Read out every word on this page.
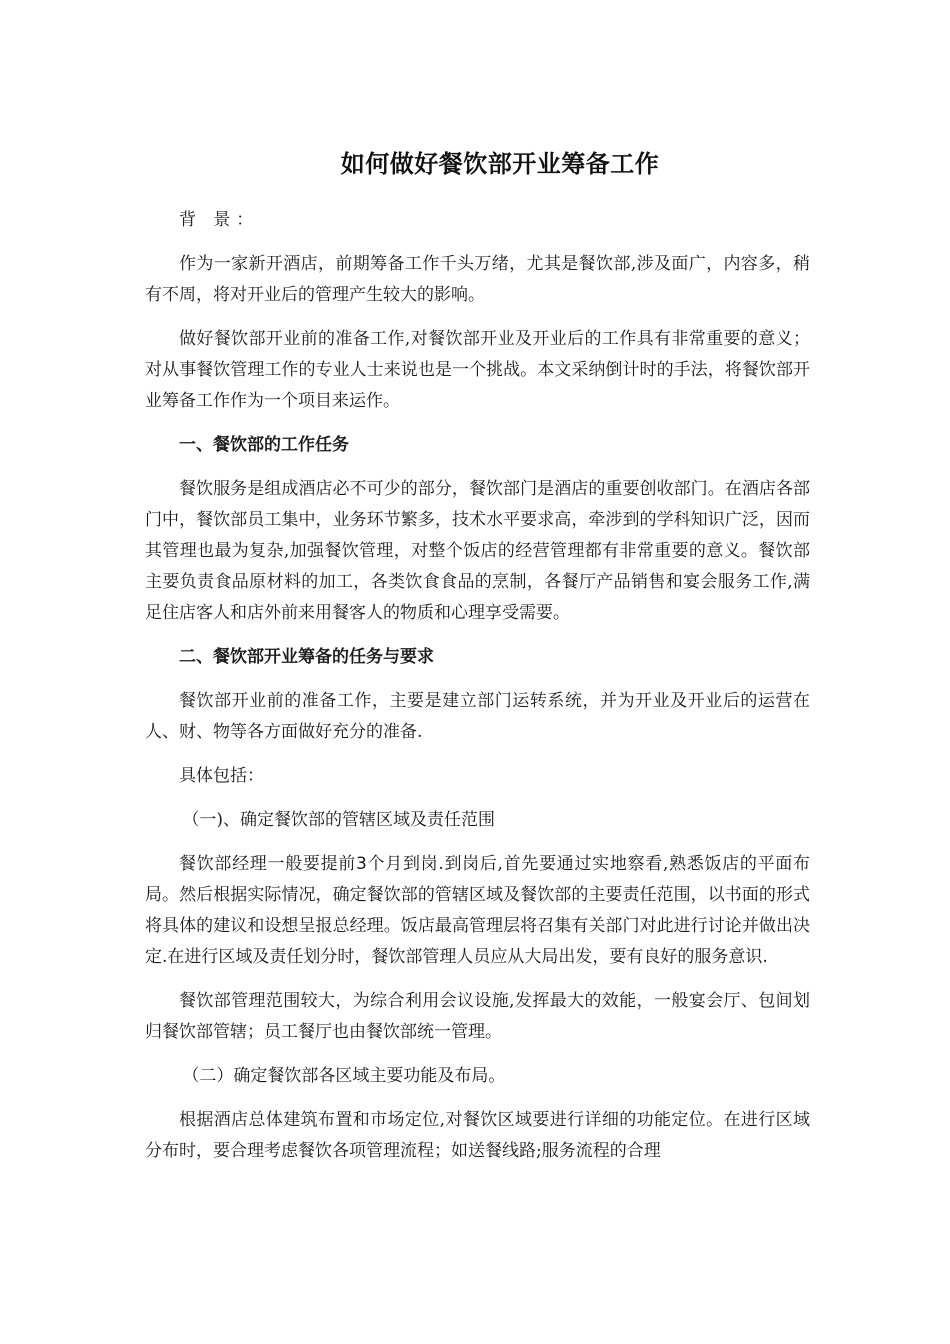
如何做好餐饮部开业筹备工作

背 景：

作为一家新开酒店，前期筹备工作千头万绪，尤其是餐饮部,涉及面广，内容多，稍有不周，将对开业后的管理产生较大的影响。

做好餐饮部开业前的准备工作,对餐饮部开业及开业后的工作具有非常重要的意义；对从事餐饮管理工作的专业人士来说也是一个挑战。本文采纳倒计时的手法，将餐饮部开业筹备工作作为一个项目来运作。

一、餐饮部的工作任务

餐饮服务是组成酒店必不可少的部分，餐饮部门是酒店的重要创收部门。在酒店各部门中，餐饮部员工集中，业务环节繁多，技术水平要求高，牵涉到的学科知识广泛，因而其管理也最为复杂,加强餐饮管理，对整个饭店的经营管理都有非常重要的意义。餐饮部主要负责食品原材料的加工，各类饮食食品的烹制，各餐厅产品销售和宴会服务工作,满足住店客人和店外前来用餐客人的物质和心理享受需要。

二、餐饮部开业筹备的任务与要求

餐饮部开业前的准备工作，主要是建立部门运转系统，并为开业及开业后的运营在人、财、物等各方面做好充分的准备.

具体包括：

（一)、确定餐饮部的管辖区域及责任范围

餐饮部经理一般要提前3个月到岗.到岗后,首先要通过实地察看,熟悉饭店的平面布局。然后根据实际情况，确定餐饮部的管辖区域及餐饮部的主要责任范围，以书面的形式将具体的建议和设想呈报总经理。饭店最高管理层将召集有关部门对此进行讨论并做出决定.在进行区域及责任划分时，餐饮部管理人员应从大局出发，要有良好的服务意识.

餐饮部管理范围较大，为综合利用会议设施,发挥最大的效能，一般宴会厅、包间划归餐饮部管辖；员工餐厅也由餐饮部统一管理。

（二）确定餐饮部各区域主要功能及布局。

根据酒店总体建筑布置和市场定位,对餐饮区域要进行详细的功能定位。在进行区域分布时，要合理考虑餐饮各项管理流程；如送餐线路;服务流程的合理
